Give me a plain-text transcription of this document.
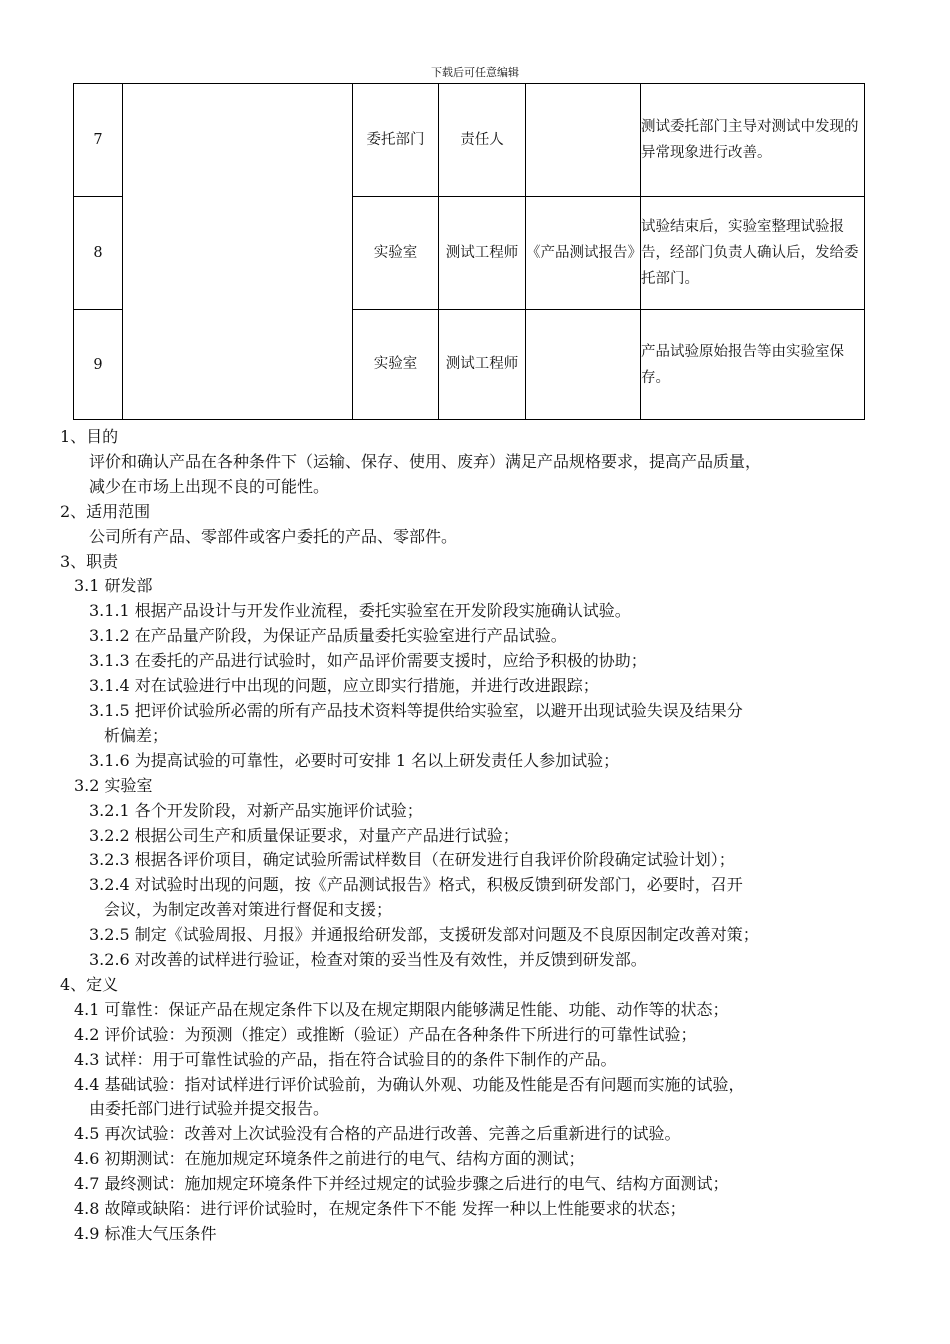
下载后可任意编辑
7		委托部门	责任人		测试委托部门主导对测试中发现的异常现象进行改善。
8		实验室	测试工程师	《产品测试报告》	试验结束后，实验室整理试验报告，经部门负责人确认后，发给委托部门。
9		实验室	测试工程师		产品试验原始报告等由实验室保存。
1、目的
评价和确认产品在各种条件下（运输、保存、使用、废弃）满足产品规格要求，提高产品质量，
减少在市场上出现不良的可能性。
2、适用范围
公司所有产品、零部件或客户委托的产品、零部件。
3、职责
3.1 研发部
3.1.1 根据产品设计与开发作业流程，委托实验室在开发阶段实施确认试验。
3.1.2 在产品量产阶段，为保证产品质量委托实验室进行产品试验。
3.1.3 在委托的产品进行试验时，如产品评价需要支援时，应给予积极的协助；
3.1.4 对在试验进行中出现的问题，应立即实行措施，并进行改进跟踪；
3.1.5 把评价试验所必需的所有产品技术资料等提供给实验室，以避开出现试验失误及结果分
析偏差；
3.1.6 为提高试验的可靠性，必要时可安排 1 名以上研发责任人参加试验；
3.2 实验室
3.2.1 各个开发阶段，对新产品实施评价试验；
3.2.2 根据公司生产和质量保证要求，对量产产品进行试验；
3.2.3 根据各评价项目，确定试验所需试样数目（在研发进行自我评价阶段确定试验计划）；
3.2.4 对试验时出现的问题，按《产品测试报告》格式，积极反馈到研发部门，必要时，召开
会议，为制定改善对策进行督促和支援；
3.2.5 制定《试验周报、月报》并通报给研发部，支援研发部对问题及不良原因制定改善对策；
3.2.6 对改善的试样进行验证，检查对策的妥当性及有效性，并反馈到研发部。
4、定义
4.1 可靠性：保证产品在规定条件下以及在规定期限内能够满足性能、功能、动作等的状态；
4.2 评价试验：为预测（推定）或推断（验证）产品在各种条件下所进行的可靠性试验；
4.3 试样：用于可靠性试验的产品，指在符合试验目的的条件下制作的产品。
4.4 基础试验：指对试样进行评价试验前，为确认外观、功能及性能是否有问题而实施的试验，
由委托部门进行试验并提交报告。
4.5 再次试验：改善对上次试验没有合格的产品进行改善、完善之后重新进行的试验。
4.6 初期测试：在施加规定环境条件之前进行的电气、结构方面的测试；
4.7 最终测试：施加规定环境条件下并经过规定的试验步骤之后进行的电气、结构方面测试；
4.8 故障或缺陷：进行评价试验时，在规定条件下不能 发挥一种以上性能要求的状态；
4.9 标准大气压条件
